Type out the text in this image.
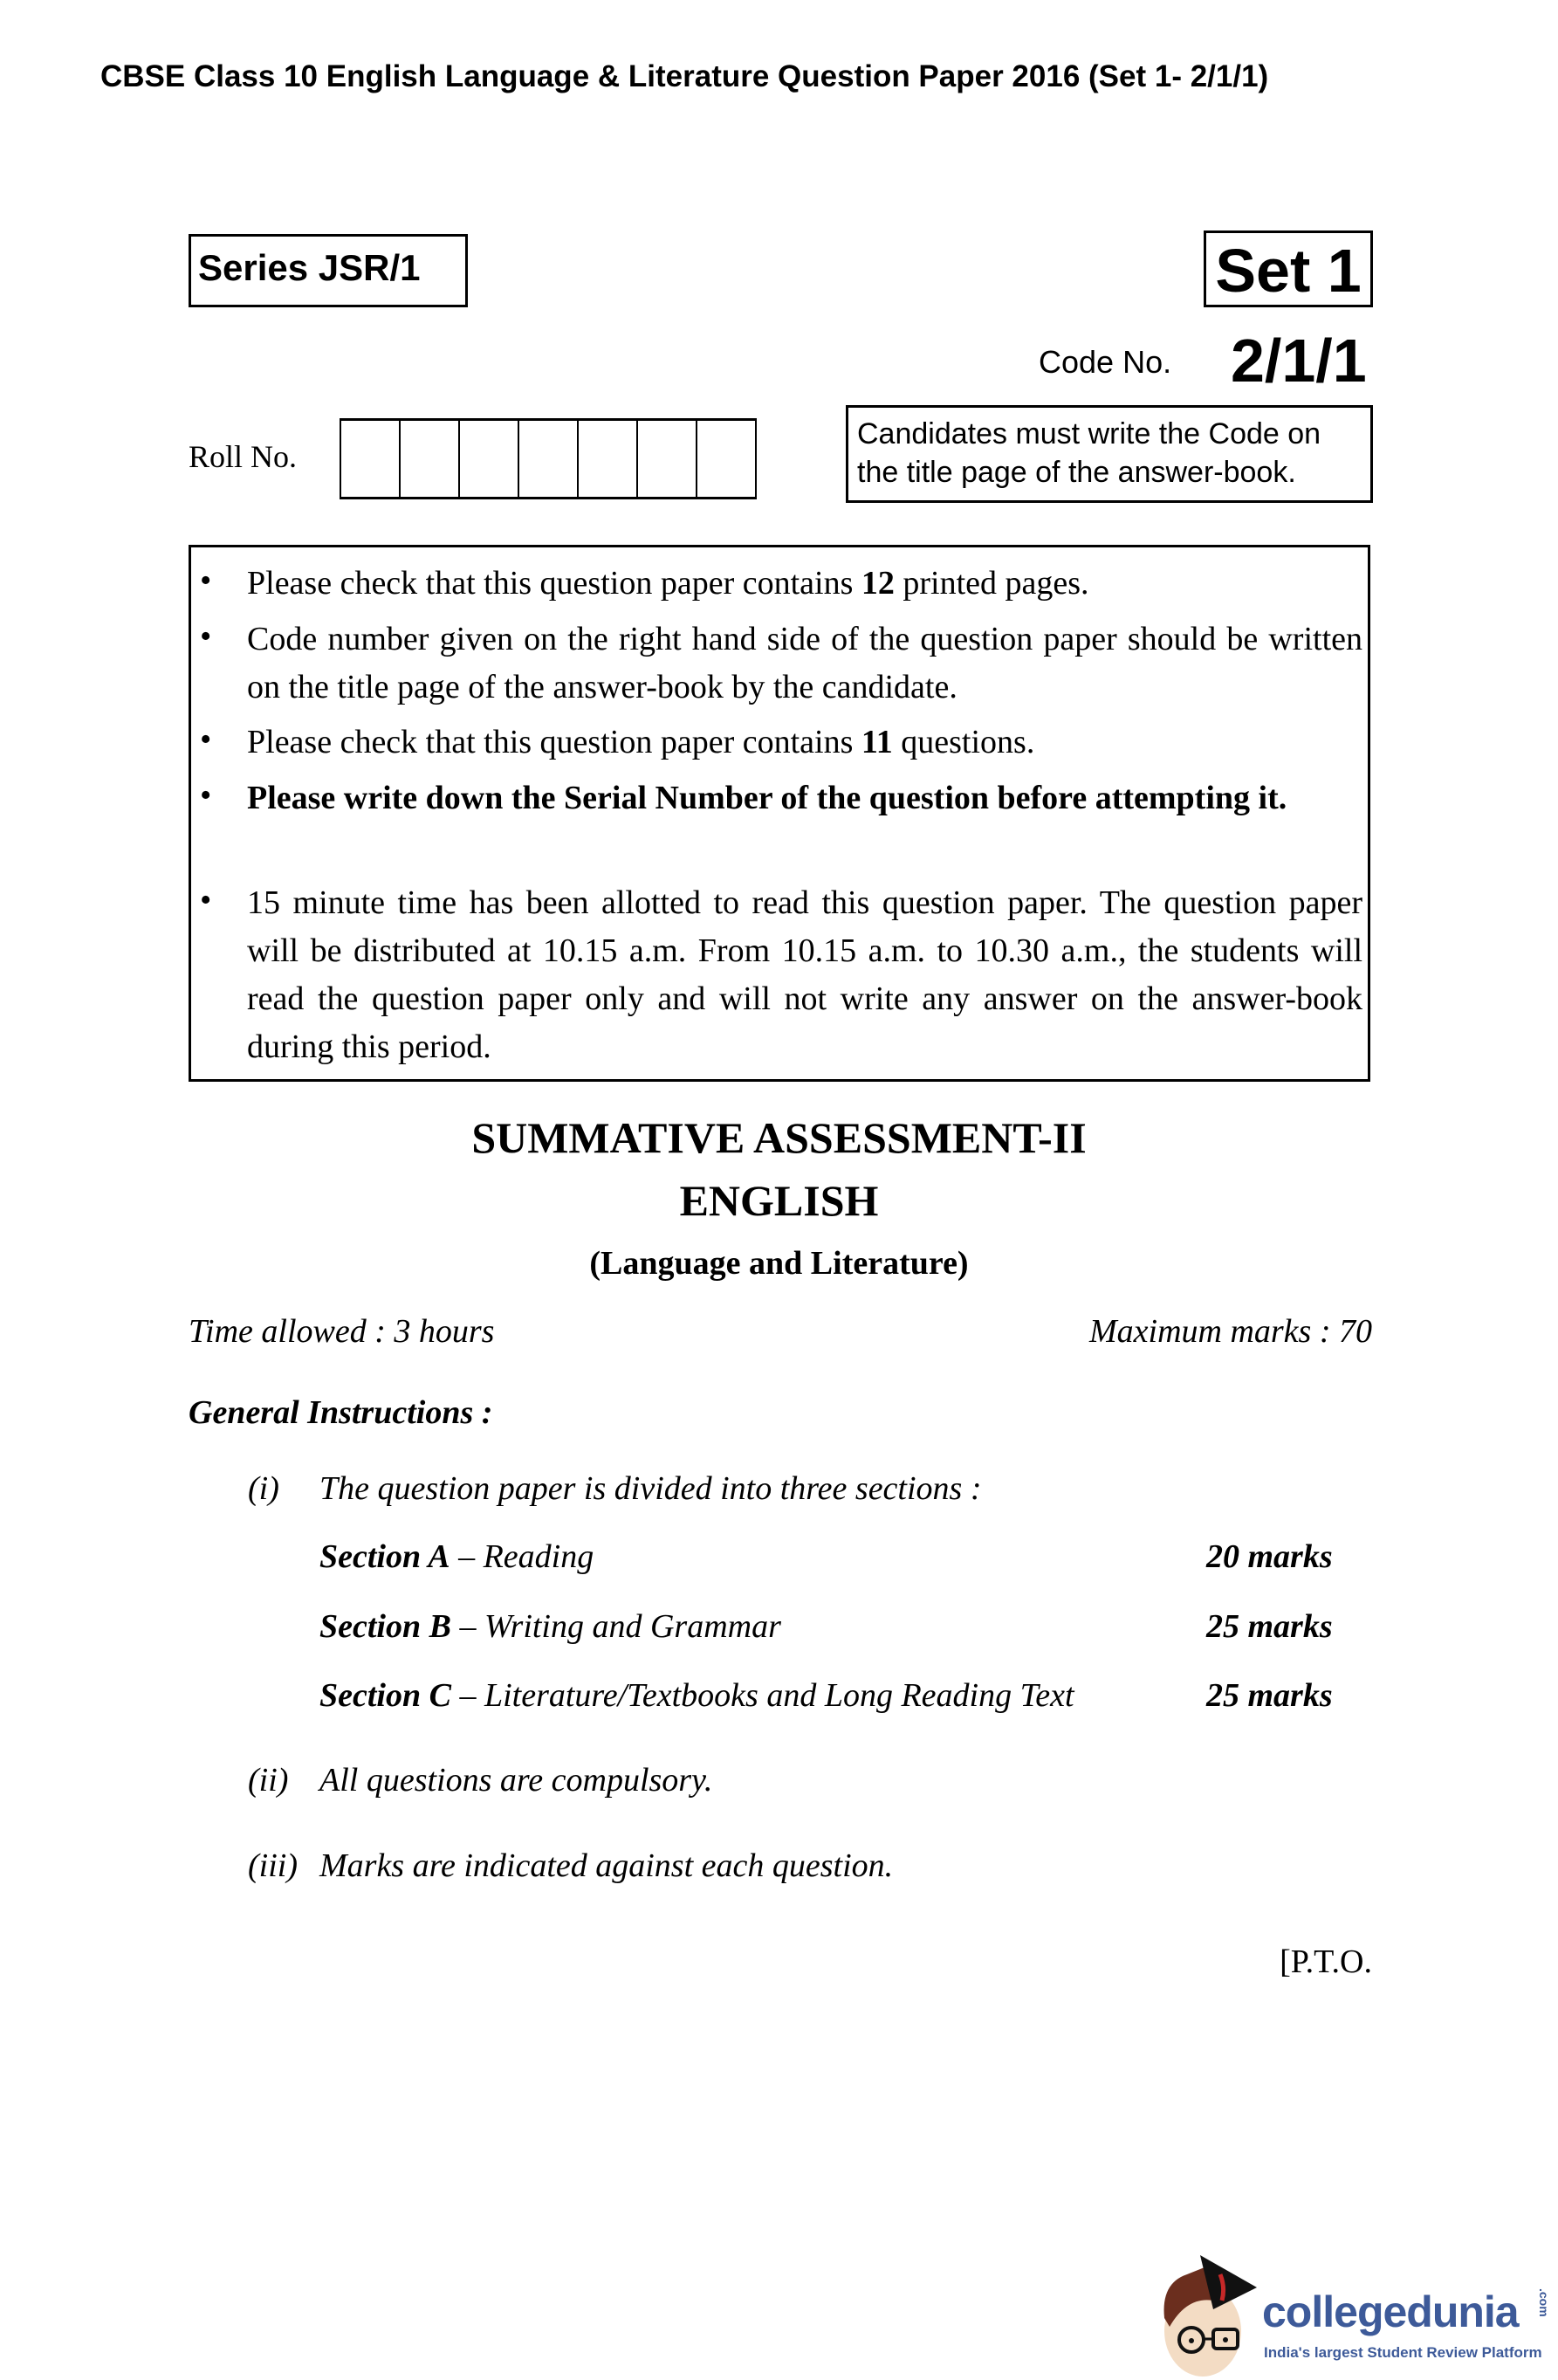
CBSE Class 10 English Language & Literature Question Paper 2016 (Set 1- 2/1/1)
Series JSR/1	Set 1
Code No. 2/1/1
Roll No.
Candidates must write the Code on the title page of the answer-book.
• Please check that this question paper contains 12 printed pages.
• Code number given on the right hand side of the question paper should be written on the title page of the answer-book by the candidate.
• Please check that this question paper contains 11 questions.
• Please write down the Serial Number of the question before attempting it.
• 15 minute time has been allotted to read this question paper. The question paper will be distributed at 10.15 a.m. From 10.15 a.m. to 10.30 a.m., the students will read the question paper only and will not write any answer on the answer-book during this period.
SUMMATIVE ASSESSMENT-II
ENGLISH
(Language and Literature)
Time allowed : 3 hours	Maximum marks : 70
General Instructions :
(i) The question paper is divided into three sections :
Section A – Reading	20 marks
Section B – Writing and Grammar	25 marks
Section C – Literature/Textbooks and Long Reading Text	25 marks
(ii) All questions are compulsory.
(iii) Marks are indicated against each question.
[P.T.O.
collegedunia .com
India's largest Student Review Platform
